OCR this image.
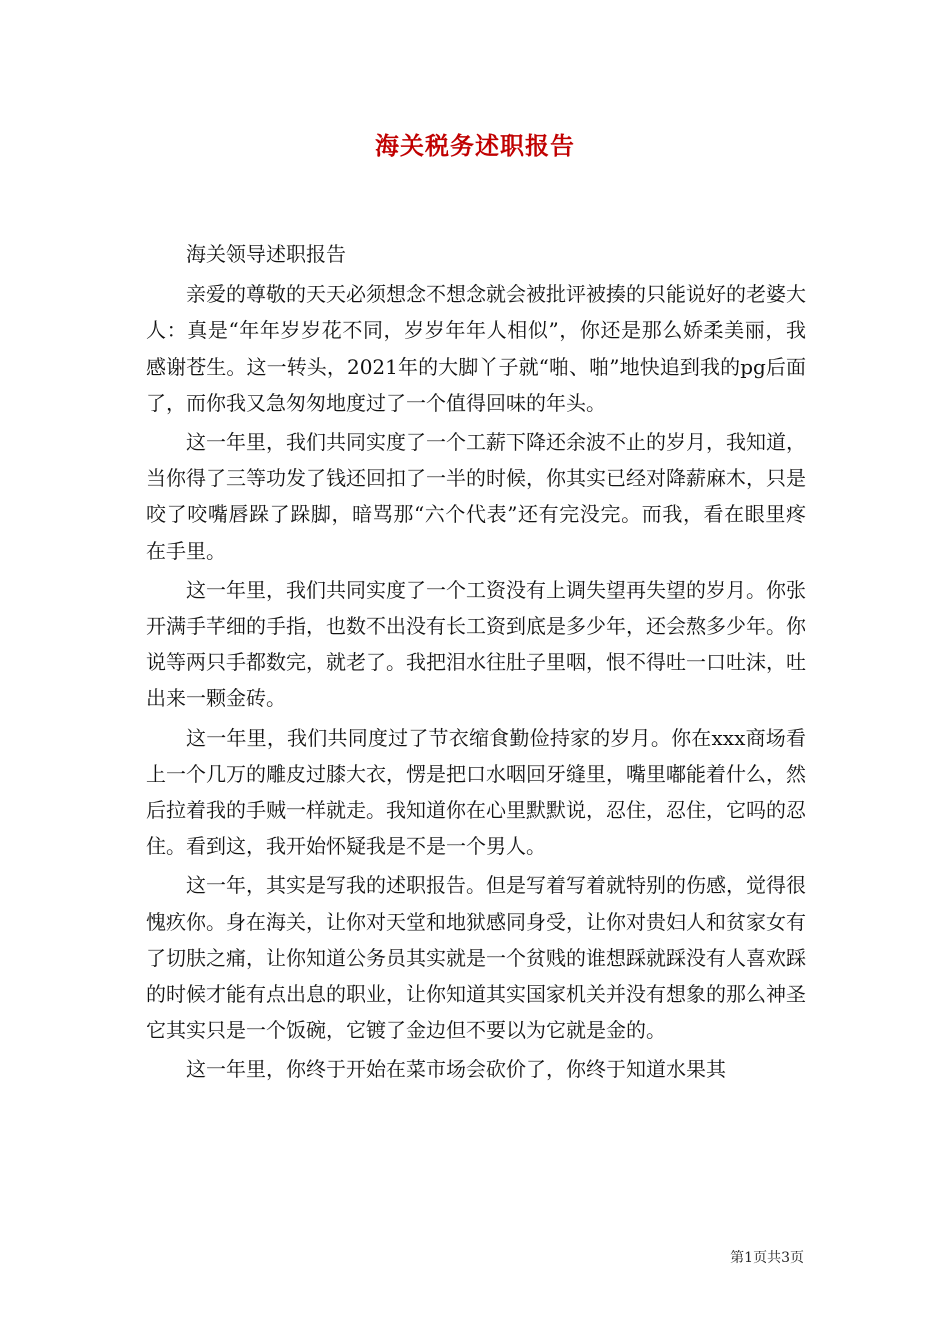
海关税务述职报告

海关领导述职报告

亲爱的尊敬的天天必须想念不想念就会被批评被揍的只能说好的老婆大人：真是“年年岁岁花不同，岁岁年年人相似”，你还是那么娇柔美丽，我感谢苍生。这一转头，2021年的大脚丫子就“啪、啪”地快追到我的pg后面了，而你我又急匆匆地度过了一个值得回味的年头。

这一年里，我们共同实度了一个工薪下降还余波不止的岁月，我知道，当你得了三等功发了钱还回扣了一半的时候，你其实已经对降薪麻木，只是咬了咬嘴唇跺了跺脚，暗骂那“六个代表”还有完没完。而我，看在眼里疼在手里。

这一年里，我们共同实度了一个工资没有上调失望再失望的岁月。你张开满手芊细的手指，也数不出没有长工资到底是多少年，还会熬多少年。你说等两只手都数完，就老了。我把泪水往肚子里咽，恨不得吐一口吐沫，吐出来一颗金砖。

这一年里，我们共同度过了节衣缩食勤俭持家的岁月。你在xxx商场看上一个几万的雕皮过膝大衣，愣是把口水咽回牙缝里，嘴里嘟能着什么，然后拉着我的手贼一样就走。我知道你在心里默默说，忍住，忍住，它吗的忍住。看到这，我开始怀疑我是不是一个男人。

这一年，其实是写我的述职报告。但是写着写着就特别的伤感，觉得很愧疚你。身在海关，让你对天堂和地狱感同身受，让你对贵妇人和贫家女有了切肤之痛，让你知道公务员其实就是一个贫贱的谁想踩就踩没有人喜欢踩的时候才能有点出息的职业，让你知道其实国家机关并没有想象的那么神圣它其实只是一个饭碗，它镀了金边但不要以为它就是金的。

这一年里，你终于开始在菜市场会砍价了，你终于知道水果其

第1页共3页
